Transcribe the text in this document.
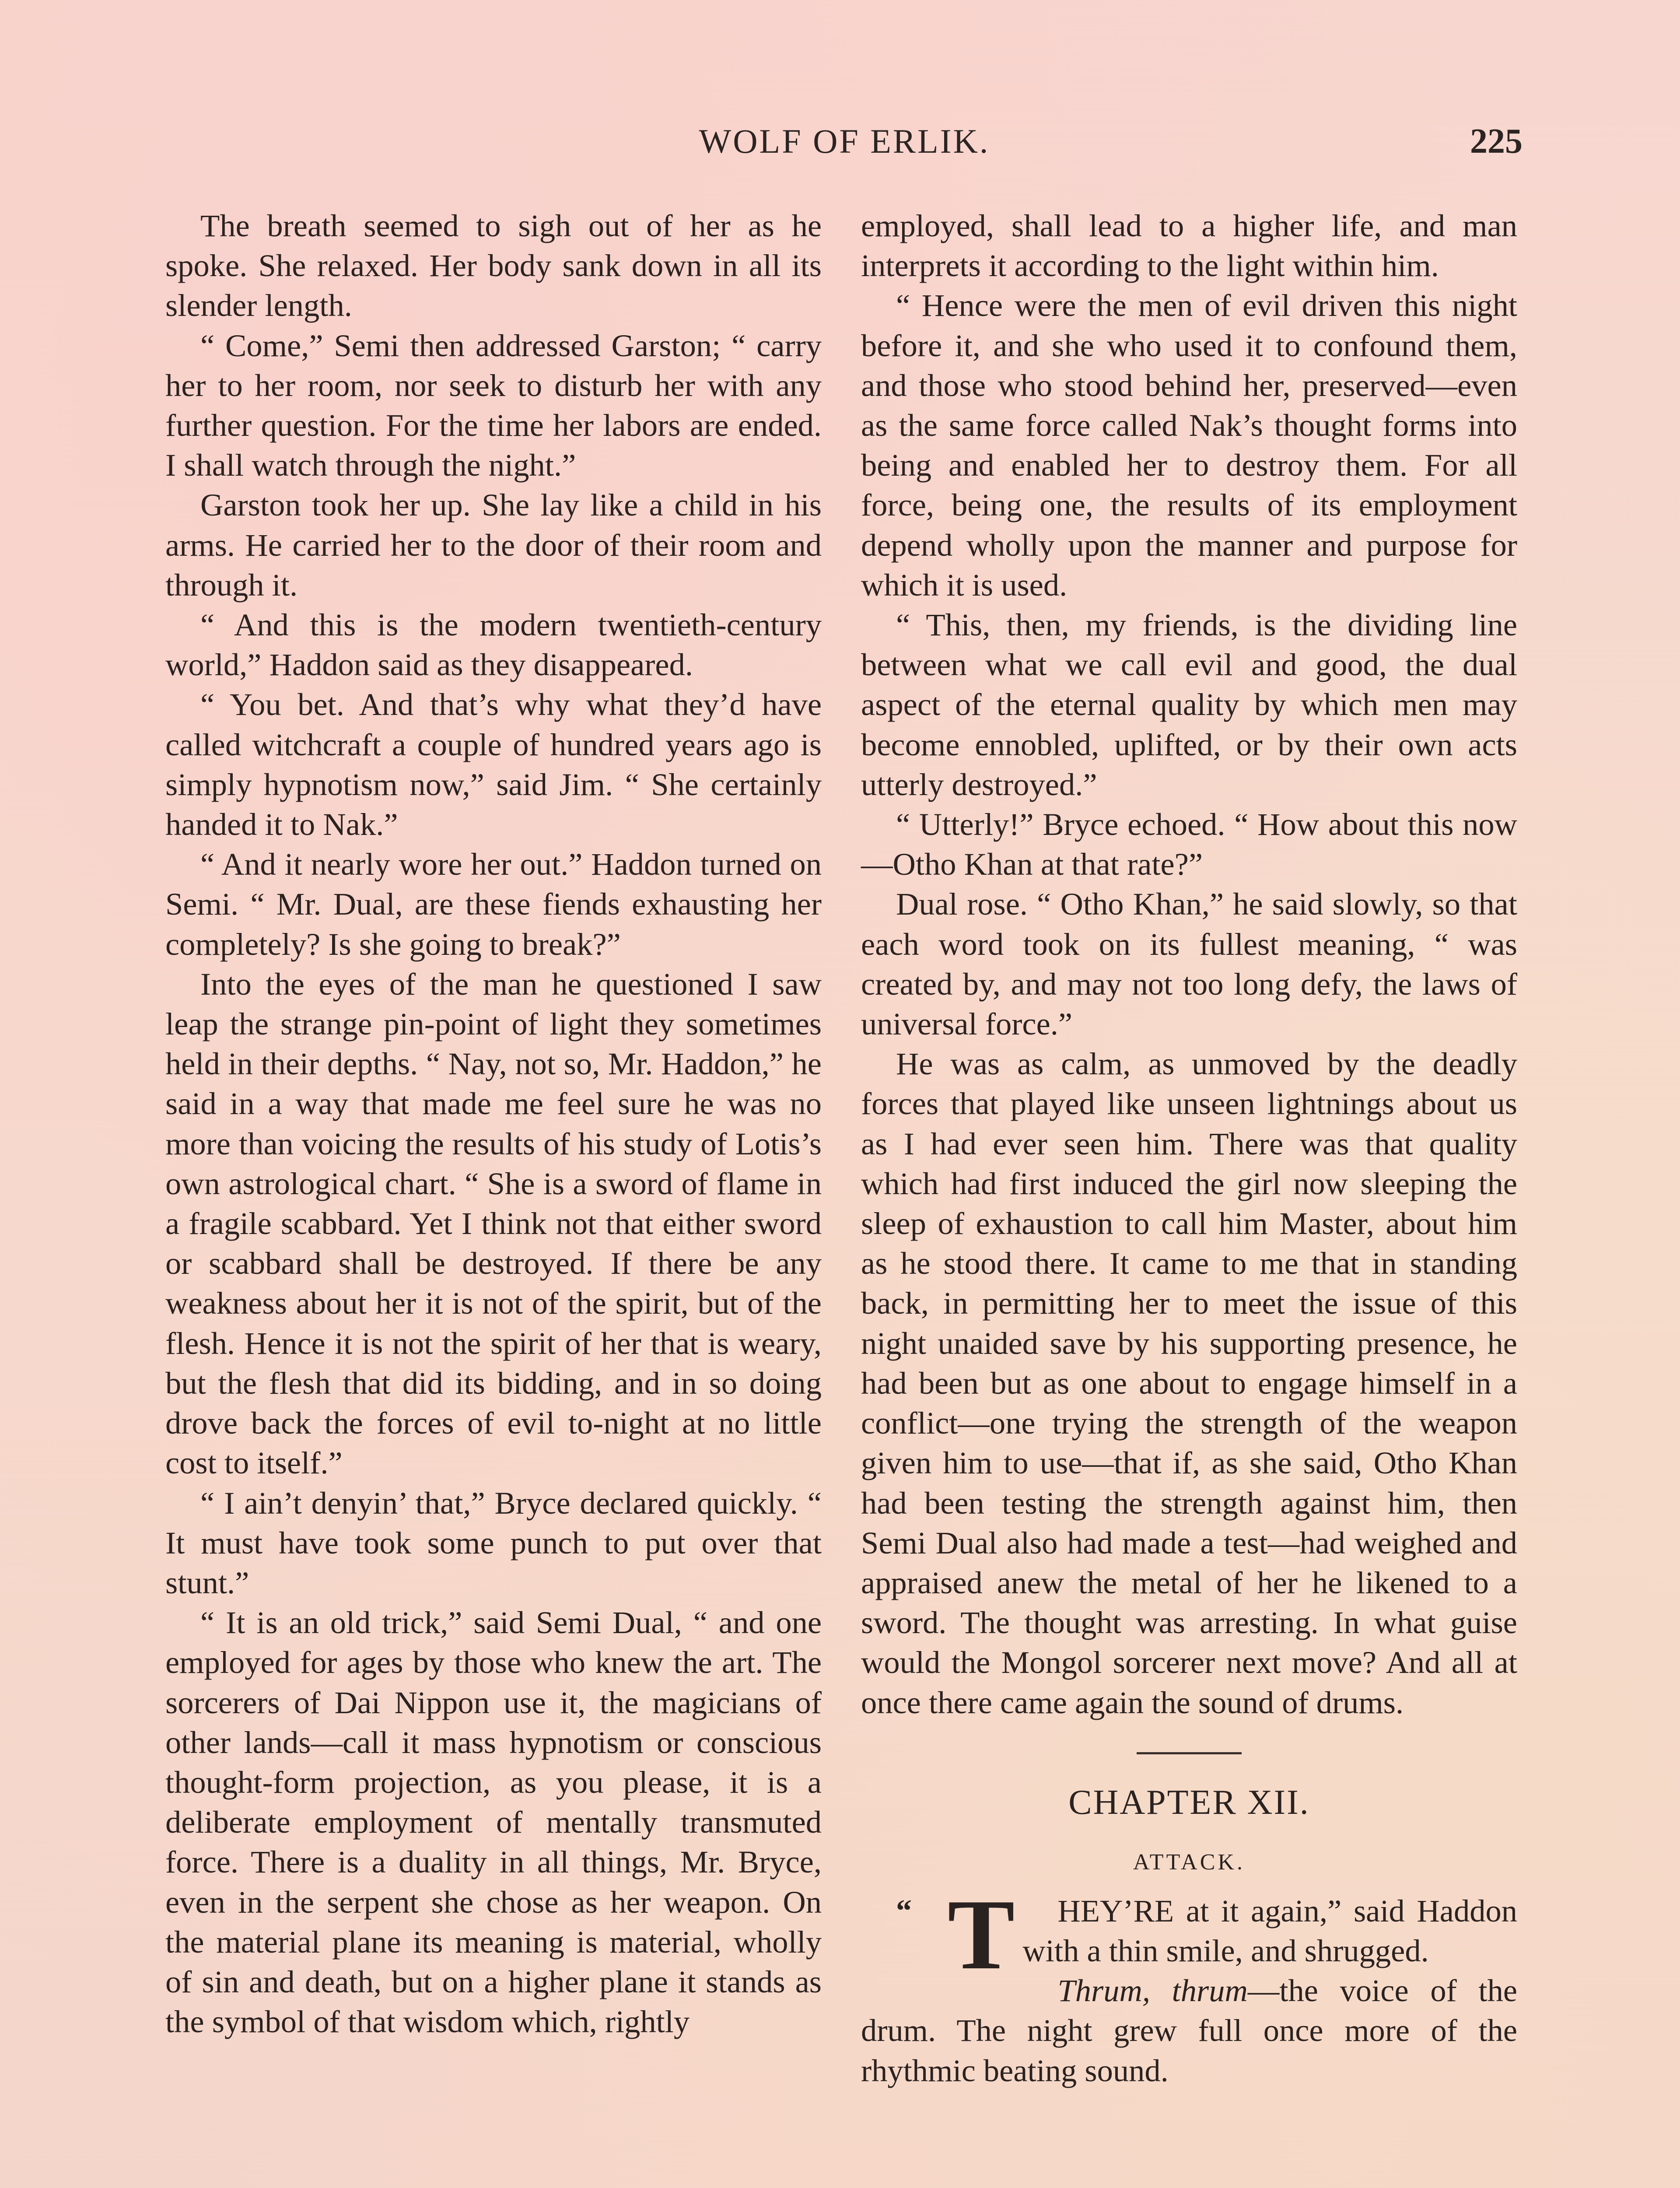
WOLF OF ERLIK.	225

The breath seemed to sigh out of her as he spoke. She relaxed. Her body sank down in all its slender length.

“ Come,” Semi then addressed Garston; “ carry her to her room, nor seek to disturb her with any further question. For the time her labors are ended. I shall watch through the night.”

Garston took her up. She lay like a child in his arms. He carried her to the door of their room and through it.

“ And this is the modern twentieth-century world,” Haddon said as they disappeared.

“ You bet. And that’s why what they’d have called witchcraft a couple of hundred years ago is simply hypnotism now,” said Jim. “ She certainly handed it to Nak.”

“ And it nearly wore her out.” Haddon turned on Semi. “ Mr. Dual, are these fiends exhausting her completely? Is she going to break?”

Into the eyes of the man he questioned I saw leap the strange pin-point of light they sometimes held in their depths. “ Nay, not so, Mr. Haddon,” he said in a way that made me feel sure he was no more than voicing the results of his study of Lotis’s own astrological chart. “ She is a sword of flame in a fragile scabbard. Yet I think not that either sword or scabbard shall be destroyed. If there be any weakness about her it is not of the spirit, but of the flesh. Hence it is not the spirit of her that is weary, but the flesh that did its bidding, and in so doing drove back the forces of evil to-night at no little cost to itself.”

“ I ain’t denyin’ that,” Bryce declared quickly. “ It must have took some punch to put over that stunt.”

“ It is an old trick,” said Semi Dual, “ and one employed for ages by those who knew the art. The sorcerers of Dai Nippon use it, the magicians of other lands—call it mass hypnotism or conscious thought-form projection, as you please, it is a deliberate employment of mentally transmuted force. There is a duality in all things, Mr. Bryce, even in the serpent she chose as her weapon. On the material plane its meaning is material, wholly of sin and death, but on a higher plane it stands as the symbol of that wisdom which, rightly

employed, shall lead to a higher life, and man interprets it according to the light within him.

“ Hence were the men of evil driven this night before it, and she who used it to confound them, and those who stood behind her, preserved—even as the same force called Nak’s thought forms into being and enabled her to destroy them. For all force, being one, the results of its employment depend wholly upon the manner and purpose for which it is used.

“ This, then, my friends, is the dividing line between what we call evil and good, the dual aspect of the eternal quality by which men may become ennobled, uplifted, or by their own acts utterly destroyed.”

“ Utterly!” Bryce echoed. “ How about this now—Otho Khan at that rate?”

Dual rose. “ Otho Khan,” he said slowly, so that each word took on its fullest meaning, “ was created by, and may not too long defy, the laws of universal force.”

He was as calm, as unmoved by the deadly forces that played like unseen lightnings about us as I had ever seen him. There was that quality which had first induced the girl now sleeping the sleep of exhaustion to call him Master, about him as he stood there. It came to me that in standing back, in permitting her to meet the issue of this night unaided save by his supporting presence, he had been but as one about to engage himself in a conflict—one trying the strength of the weapon given him to use—that if, as she said, Otho Khan had been testing the strength against him, then Semi Dual also had made a test—had weighed and appraised anew the metal of her he likened to a sword. The thought was arresting. In what guise would the Mongol sorcerer next move? And all at once there came again the sound of drums.

CHAPTER XII.
ATTACK.

“ T HEY’RE at it again,” said Haddon with a thin smile, and shrugged.

Thrum, thrum—the voice of the drum. The night grew full once more of the rhythmic beating sound.
